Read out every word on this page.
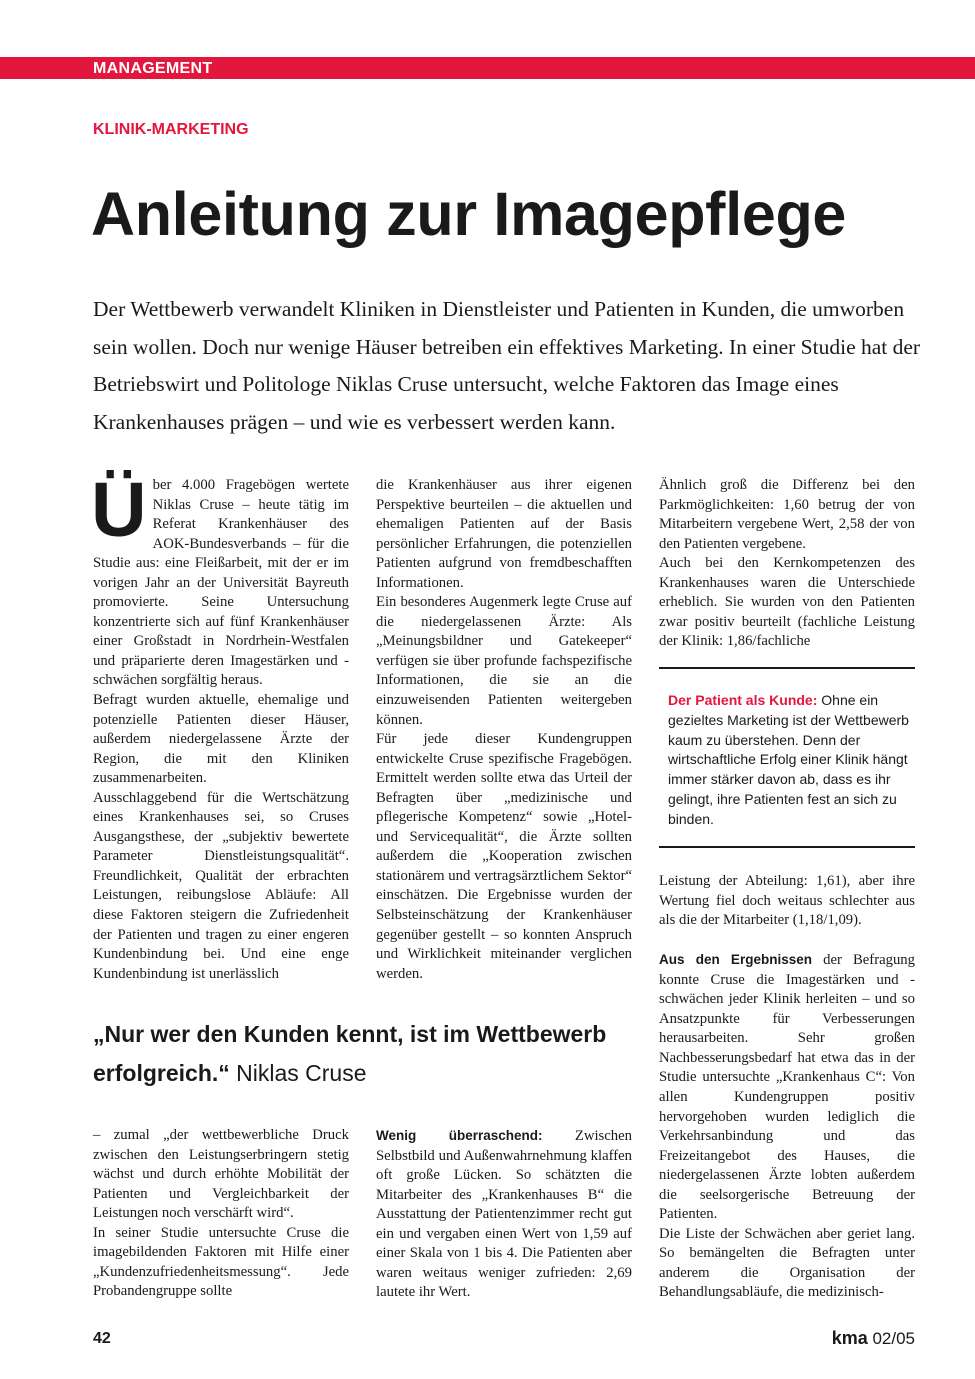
MANAGEMENT
KLINIK-MARKETING
Anleitung zur Imagepflege

Der Wettbewerb verwandelt Kliniken in Dienstleister und Patienten in Kunden, die umworben sein wollen. Doch nur wenige Häuser betreiben ein effektives Marketing. In einer Studie hat der Betriebswirt und Politologe Niklas Cruse untersucht, welche Faktoren das Image eines Krankenhauses prägen – und wie es verbessert werden kann.

Ü ber 4.000 Fragebögen wertete Niklas Cruse – heute tätig im Referat Krankenhäuser des AOK-Bundesverbands – für die Studie aus: eine Fleißarbeit, mit der er im vorigen Jahr an der Universität Bayreuth promovierte. Seine Untersuchung konzentrierte sich auf fünf Krankenhäuser einer Großstadt in Nordrhein-Westfalen und präparierte deren Imagestärken und -schwächen sorgfältig heraus.

Befragt wurden aktuelle, ehemalige und potenzielle Patienten dieser Häuser, außerdem niedergelassene Ärzte der Region, die mit den Kliniken zusammenarbeiten.

Ausschlaggebend für die Wertschätzung eines Krankenhauses sei, so Cruses Ausgangsthese, der „subjektiv bewertete Parameter Dienstleistungsqualität“. Freundlichkeit, Qualität der erbrachten Leistungen, reibungslose Abläufe: All diese Faktoren steigern die Zufriedenheit der Patienten und tragen zu einer engeren Kundenbindung bei. Und eine enge Kundenbindung ist unerlässlich

die Krankenhäuser aus ihrer eigenen Perspektive beurteilen – die aktuellen und ehemaligen Patienten auf der Basis persönlicher Erfahrungen, die potenziellen Patienten aufgrund von fremdbeschafften Informationen.

Ein besonderes Augenmerk legte Cruse auf die niedergelassenen Ärzte: Als „Meinungsbildner und Gatekeeper“ verfügen sie über profunde fachspezifische Informationen, die sie an die einzuweisenden Patienten weitergeben können.

Für jede dieser Kundengruppen entwickelte Cruse spezifische Fragebögen. Ermittelt werden sollte etwa das Urteil der Befragten über „medizinische und pflegerische Kompetenz“ sowie „Hotel- und Servicequalität“, die Ärzte sollten außerdem die „Kooperation zwischen stationärem und vertragsärztlichem Sektor“ einschätzen. Die Ergebnisse wurden der Selbsteinschätzung der Krankenhäuser gegenüber gestellt – so konnten Anspruch und Wirklichkeit miteinander verglichen werden.

Ähnlich groß die Differenz bei den Parkmöglichkeiten: 1,60 betrug der von Mitarbeitern vergebene Wert, 2,58 der von den Patienten vergebene.

Auch bei den Kernkompetenzen des Krankenhauses waren die Unterschiede erheblich. Sie wurden von den Patienten zwar positiv beurteilt (fachliche Leistung der Klinik: 1,86/fachliche

Der Patient als Kunde: Ohne ein gezieltes Marketing ist der Wettbewerb kaum zu überstehen. Denn der wirtschaftliche Erfolg einer Klinik hängt immer stärker davon ab, dass es ihr gelingt, ihre Patienten fest an sich zu binden.

Leistung der Abteilung: 1,61), aber ihre Wertung fiel doch weitaus schlechter aus als die der Mitarbeiter (1,18/1,09).

Aus den Ergebnissen der Befragung konnte Cruse die Imagestärken und -schwächen jeder Klinik herleiten – und so Ansatzpunkte für Verbesserungen herausarbeiten. Sehr großen Nachbesserungsbedarf hat etwa das in der Studie untersuchte „Krankenhaus C“: Von allen Kundengruppen positiv hervorgehoben wurden lediglich die Verkehrsanbindung und das Freizeitangebot des Hauses, die niedergelassenen Ärzte lobten außerdem die seelsorgerische Betreuung der Patienten.

Die Liste der Schwächen aber geriet lang. So bemängelten die Befragten unter anderem die Organisation der Behandlungsabläufe, die medizinisch-

„Nur wer den Kunden kennt, ist im Wettbewerb erfolgreich.“ Niklas Cruse

– zumal „der wettbewerbliche Druck zwischen den Leistungserbringern stetig wächst und durch erhöhte Mobilität der Patienten und Vergleichbarkeit der Leistungen noch verschärft wird“.

In seiner Studie untersuchte Cruse die imagebildenden Faktoren mit Hilfe einer „Kundenzufriedenheitsmessung“. Jede Probandengruppe sollte

Wenig überraschend: Zwischen Selbstbild und Außenwahrnehmung klaffen oft große Lücken. So schätzten die Mitarbeiter des „Krankenhauses B“ die Ausstattung der Patientenzimmer recht gut ein und vergaben einen Wert von 1,59 auf einer Skala von 1 bis 4. Die Patienten aber waren weitaus weniger zufrieden: 2,69 lautete ihr Wert.

42	kma 02/05
